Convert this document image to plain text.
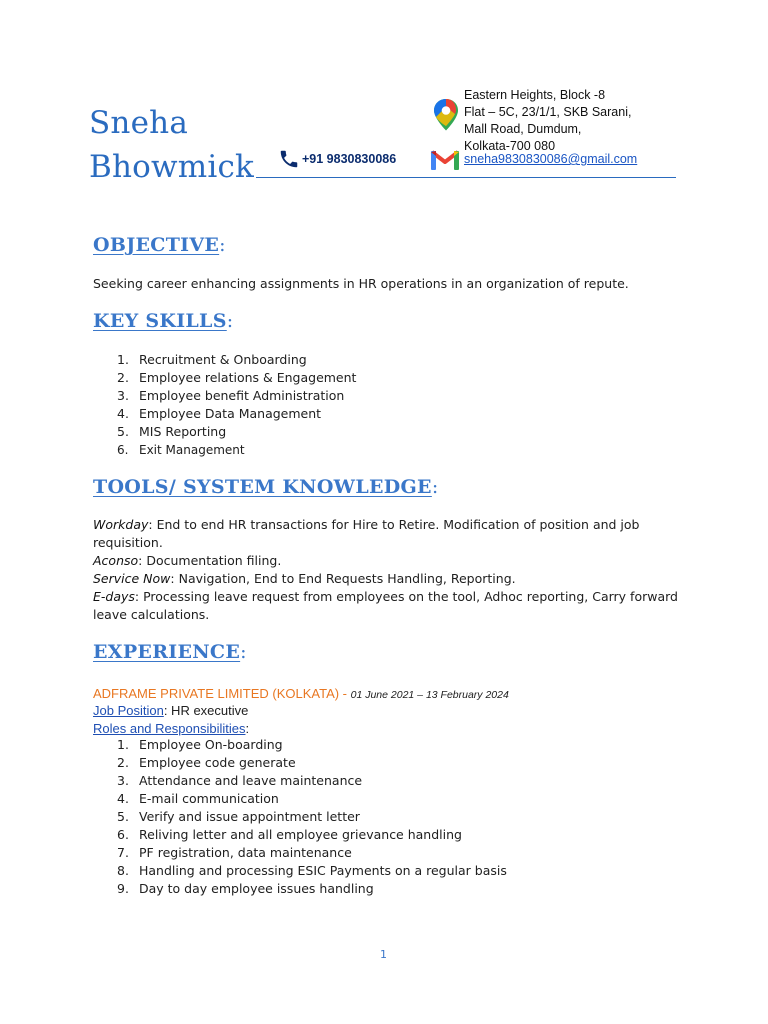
Sneha
Bhowmick	+91 9830830086
Eastern Heights, Block -8
Flat – 5C, 23/1/1, SKB Sarani,
Mall Road, Dumdum,
Kolkata-700 080
sneha9830830086@gmail.com
OBJECTIVE:
Seeking career enhancing assignments in HR operations in an organization of repute.
KEY SKILLS:
1. Recruitment & Onboarding
2. Employee relations & Engagement
3. Employee benefit Administration
4. Employee Data Management
5. MIS Reporting
6. Exit Management
TOOLS/ SYSTEM KNOWLEDGE:
Workday: End to end HR transactions for Hire to Retire. Modification of position and job
requisition.
Aconso: Documentation filing.
Service Now: Navigation, End to End Requests Handling, Reporting.
E-days: Processing leave request from employees on the tool, Adhoc reporting, Carry forward
leave calculations.
EXPERIENCE:
ADFRAME PRIVATE LIMITED (KOLKATA) - 01 June 2021 – 13 February 2024
Job Position: HR executive
Roles and Responsibilities:
1. Employee On-boarding
2. Employee code generate
3. Attendance and leave maintenance
4. E-mail communication
5. Verify and issue appointment letter
6. Reliving letter and all employee grievance handling
7. PF registration, data maintenance
8. Handling and processing ESIC Payments on a regular basis
9. Day to day employee issues handling
1
